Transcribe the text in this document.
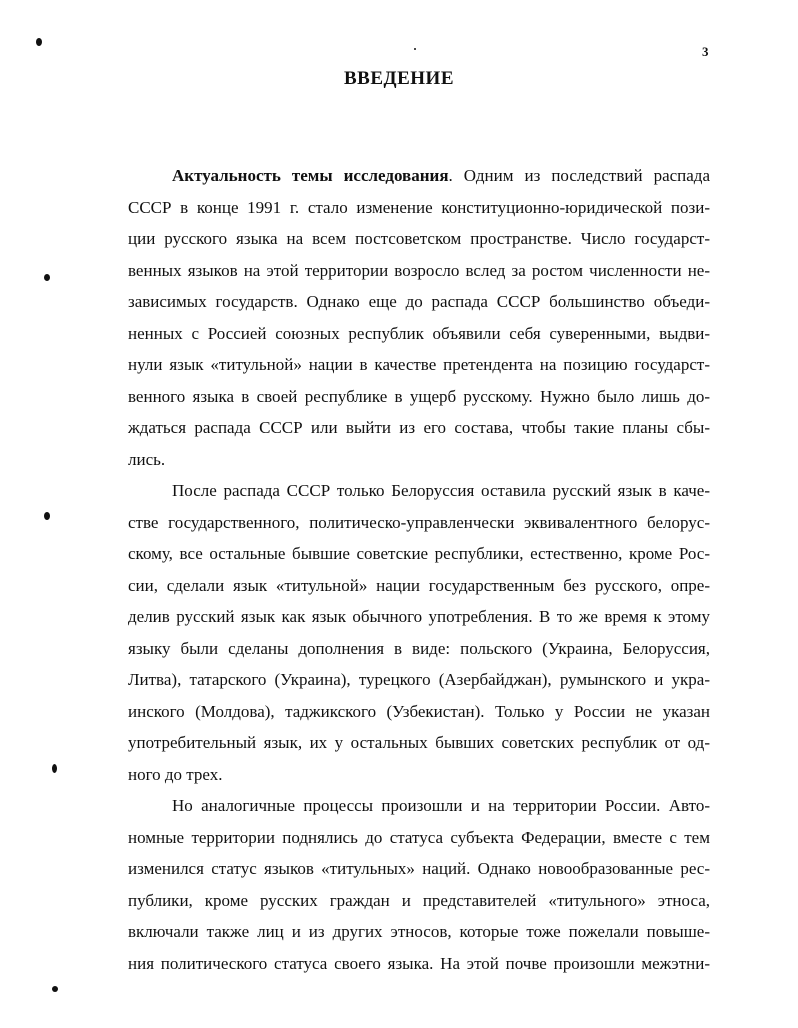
3
ВВЕДЕНИЕ
Актуальность темы исследования. Одним из последствий распада
СССР в конце 1991 г. стало изменение конституционно-юридической пози-
ции русского языка на всем постсоветском пространстве. Число государст-
венных языков на этой территории возросло вслед за ростом численности не-
зависимых государств. Однако еще до распада СССР большинство объеди-
ненных с Россией союзных республик объявили себя суверенными, выдви-
нули язык «титульной» нации в качестве претендента на позицию государст-
венного языка в своей республике в ущерб русскому. Нужно было лишь до-
ждаться распада СССР или выйти из его состава, чтобы такие планы сбы-
лись.
После распада СССР только Белоруссия оставила русский язык в каче-
стве государственного, политическо-управленчески эквивалентного белорус-
скому, все остальные бывшие советские республики, естественно, кроме Рос-
сии, сделали язык «титульной» нации государственным без русского, опре-
делив русский язык как язык обычного употребления. В то же время к этому
языку были сделаны дополнения в виде: польского (Украина, Белоруссия,
Литва), татарского (Украина), турецкого (Азербайджан), румынского и укра-
инского (Молдова), таджикского (Узбекистан). Только у России не указан
употребительный язык, их у остальных бывших советских республик от од-
ного до трех.
Но аналогичные процессы произошли и на территории России. Авто-
номные территории поднялись до статуса субъекта Федерации, вместе с тем
изменился статус языков «титульных» наций. Однако новообразованные рес-
публики, кроме русских граждан и представителей «титульного» этноса,
включали также лиц и из других этносов, которые тоже пожелали повыше-
ния политического статуса своего языка. На этой почве произошли межэтни-
